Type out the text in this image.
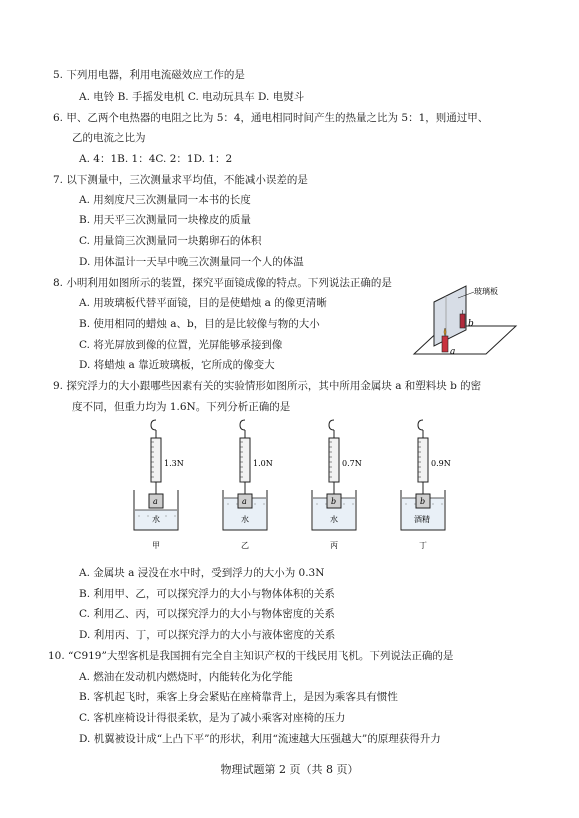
5. 下列用电器，利用电流磁效应工作的是
A. 电铃 B. 手摇发电机 C. 电动玩具车 D. 电熨斗
6. 甲、乙两个电热器的电阻之比为 5：4，通电相同时间产生的热量之比为 5：1，则通过甲、
乙的电流之比为
A. 4：1B. 1：4C. 2：1D. 1：2
7. 以下测量中，三次测量求平均值，不能减小误差的是
A. 用刻度尺三次测量同一本书的长度
B. 用天平三次测量同一块橡皮的质量
C. 用量筒三次测量同一块鹅卵石的体积
D. 用体温计一天早中晚三次测量同一个人的体温
8. 小明利用如图所示的装置，探究平面镜成像的特点。下列说法正确的是
A. 用玻璃板代替平面镜，目的是使蜡烛 a 的像更清晰
B. 使用相同的蜡烛 a、b，目的是比较像与物的大小
C. 将光屏放到像的位置，光屏能够承接到像
D. 将蜡烛 a 靠近玻璃板，它所成的像变大
b
a
玻璃板
9. 探究浮力的大小跟哪些因素有关的实验情形如图所示，其中所用金属块 a 和塑料块 b 的密
度不同，但重力均为 1.6N。下列分析正确的是
1.3N
a
水
甲
1.0N
a
水
乙
0.7N
b
水
丙
0.9N
b
酒精
丁
A. 金属块 a 浸没在水中时，受到浮力的大小为 0.3N
B. 利用甲、乙，可以探究浮力的大小与物体体积的关系
C. 利用乙、丙，可以探究浮力的大小与物体密度的关系
D. 利用丙、丁，可以探究浮力的大小与液体密度的关系
10. “C919”大型客机是我国拥有完全自主知识产权的干线民用飞机。下列说法正确的是
A. 燃油在发动机内燃烧时，内能转化为化学能
B. 客机起飞时，乘客上身会紧贴在座椅靠背上，是因为乘客具有惯性
C. 客机座椅设计得很柔软，是为了减小乘客对座椅的压力
D. 机翼被设计成“上凸下平”的形状，利用“流速越大压强越大”的原理获得升力
物理试题第 2 页（共 8 页）
